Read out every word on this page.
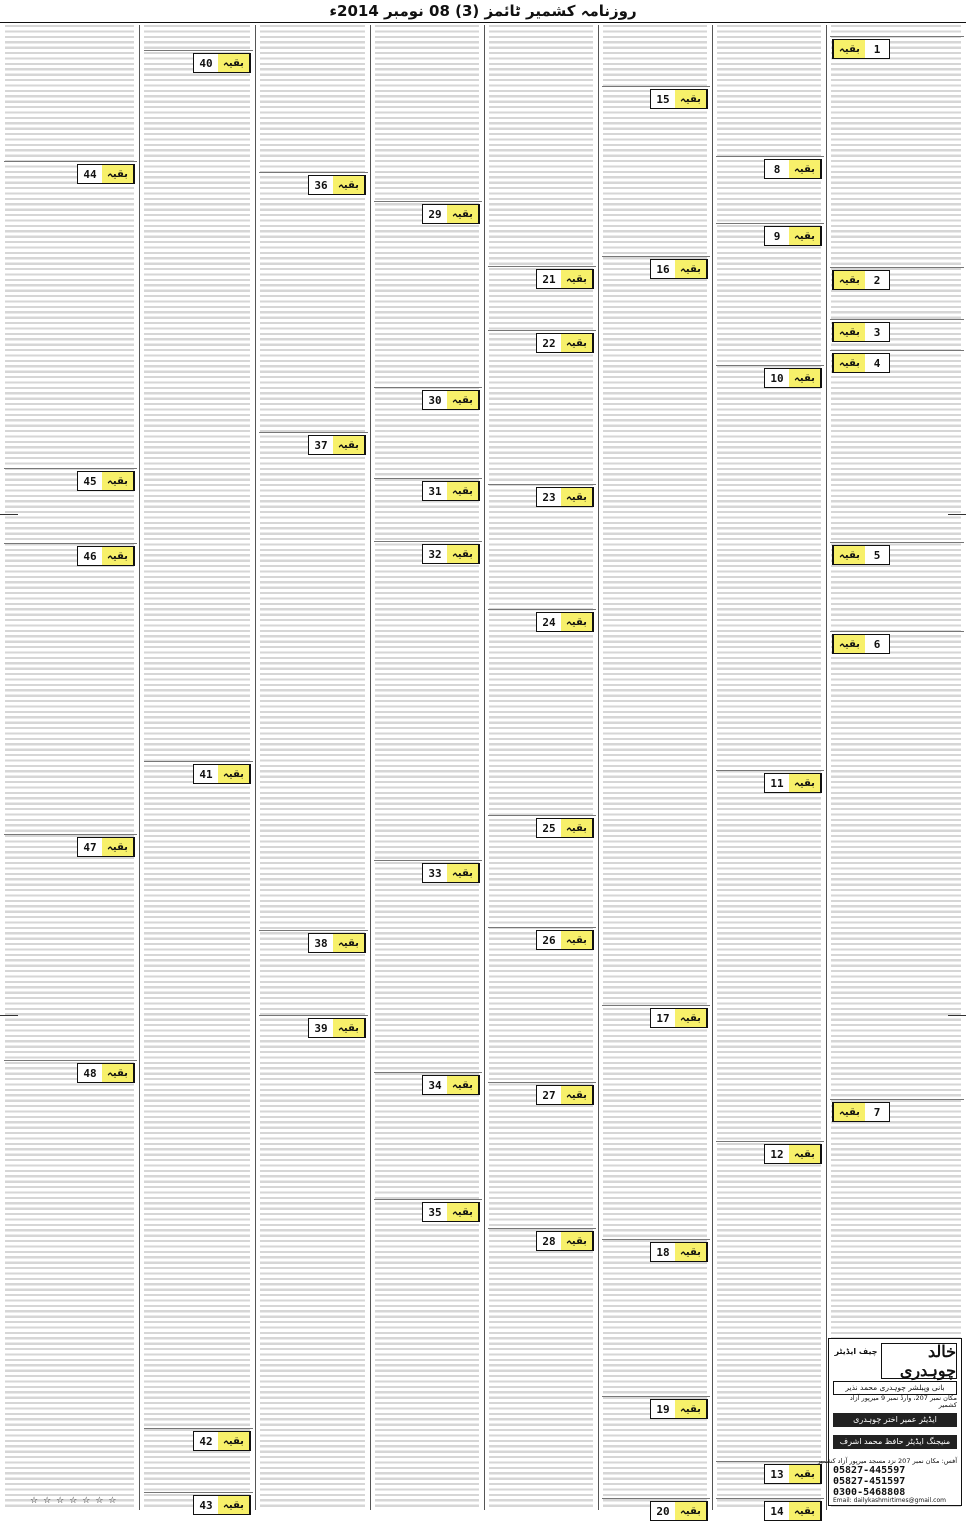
روزنامہ کشمیر ٹائمز (3) 08 نومبر 2014ء
1
بقیہ
2
بقیہ
3
بقیہ
4
بقیہ
5
بقیہ
6
بقیہ
7
بقیہ
8	بقیہ
9	بقیہ
10	بقیہ
11	بقیہ
12	بقیہ
13	بقیہ
14	بقیہ
15	بقیہ
16	بقیہ
17	بقیہ
18	بقیہ
19	بقیہ
20	بقیہ
21	بقیہ
22	بقیہ
23	بقیہ
24	بقیہ
25	بقیہ
26	بقیہ
27	بقیہ
28	بقیہ
29	بقیہ
30	بقیہ
31	بقیہ
32	بقیہ
33	بقیہ
34	بقیہ
35	بقیہ
36	بقیہ
37	بقیہ
38	بقیہ
39	بقیہ
40	بقیہ
41	بقیہ
42	بقیہ
43	بقیہ
44	بقیہ
45	بقیہ
46	بقیہ
47	بقیہ
48	بقیہ
چیف ایڈیٹر	خالد چوہدری
بانی وپبلشر چوہدری محمد نذیر
مکان نمبر 207، وارڈ نمبر 9 میرپور آزاد کشمیر
ایڈیٹر عمیر اختر چوہدری
منیجنگ ایڈیٹر حافظ محمد اشرف
آفس: مکان نمبر 207 نزد مسجد میرپور آزاد کشمیر
05827-445597
05827-451597
0300-5468808
Email: dailykashmirtimes@gmail.com
☆☆☆☆☆☆☆
